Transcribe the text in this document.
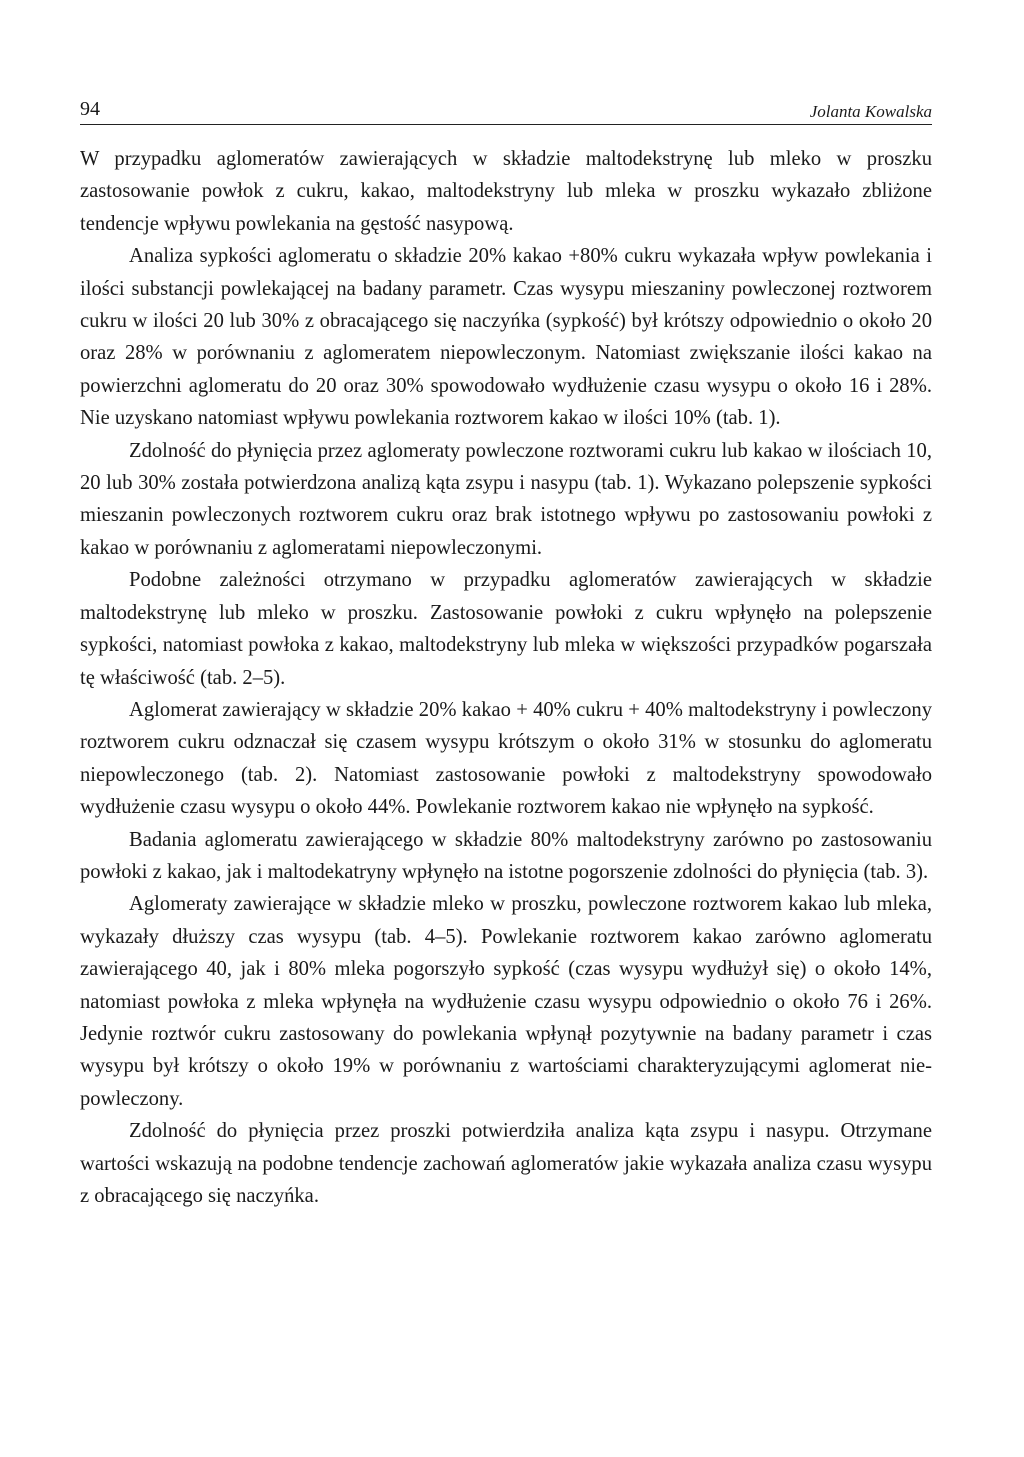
94	Jolanta Kowalska

W przypadku aglomeratów zawierających w składzie maltodekstrynę lub mleko w proszku zastosowanie powłok z cukru, kakao, maltodekstryny lub mleka w proszku wykazało zbliżone tendencje wpływu powlekania na gęstość nasypową.

Analiza sypkości aglomeratu o składzie 20% kakao +80% cukru wykazała wpływ powlekania i ilości substancji powlekającej na badany parametr. Czas wysypu mieszaniny powleczonej roztworem cukru w ilości 20 lub 30% z obracającego się naczyńka (sypkość) był krótszy odpowiednio o około 20 oraz 28% w porównaniu z aglomeratem niepowleczonym. Natomiast zwiększanie ilości kakao na powierzchni aglomeratu do 20 oraz 30% spowodowało wydłużenie czasu wysypu o około 16 i 28%. Nie uzyskano natomiast wpływu powlekania roztworem kakao w ilości 10% (tab. 1).

Zdolność do płynięcia przez aglomeraty powleczone roztworami cukru lub kakao w ilościach 10, 20 lub 30% została potwierdzona analizą kąta zsypu i nasypu (tab. 1). Wykazano polepszenie sypkości mieszanin powleczonych roztworem cukru oraz brak istotnego wpływu po zastosowaniu powłoki z kakao w porównaniu z aglomeratami niepowleczonymi.

Podobne zależności otrzymano w przypadku aglomeratów zawierających w składzie maltodekstrynę lub mleko w proszku. Zastosowanie powłoki z cukru wpłynęło na polepszenie sypkości, natomiast powłoka z kakao, maltodekstryny lub mleka w większości przypadków pogarszała tę właściwość (tab. 2–5).

Aglomerat zawierający w składzie 20% kakao + 40% cukru + 40% maltodekstryny i powleczony roztworem cukru odznaczał się czasem wysypu krótszym o około 31% w stosunku do aglomeratu niepowleczonego (tab. 2). Natomiast zastosowanie powłoki z maltodekstryny spowodowało wydłużenie czasu wysypu o około 44%. Powlekanie roztworem kakao nie wpłynęło na sypkość.

Badania aglomeratu zawierającego w składzie 80% maltodekstryny zarówno po zastosowaniu powłoki z kakao, jak i maltodekatryny wpłynęło na istotne pogorszenie zdolności do płynięcia (tab. 3).

Aglomeraty zawierające w składzie mleko w proszku, powleczone roztworem kakao lub mleka, wykazały dłuższy czas wysypu (tab. 4–5). Powlekanie roztworem kakao zarówno aglomeratu zawierającego 40, jak i 80% mleka pogorszyło sypkość (czas wysypu wydłużył się) o około 14%, natomiast powłoka z mleka wpłynęła na wydłużenie czasu wysypu odpowiednio o około 76 i 26%. Jedynie roztwór cukru zastosowany do powlekania wpłynął pozytywnie na badany parametr i czas wysypu był krótszy o około 19% w porównaniu z wartościami charakteryzującymi aglomerat niepowleczony.

Zdolność do płynięcia przez proszki potwierdziła analiza kąta zsypu i nasypu. Otrzymane wartości wskazują na podobne tendencje zachowań aglomeratów jakie wykazała analiza czasu wysypu z obracającego się naczyńka.
